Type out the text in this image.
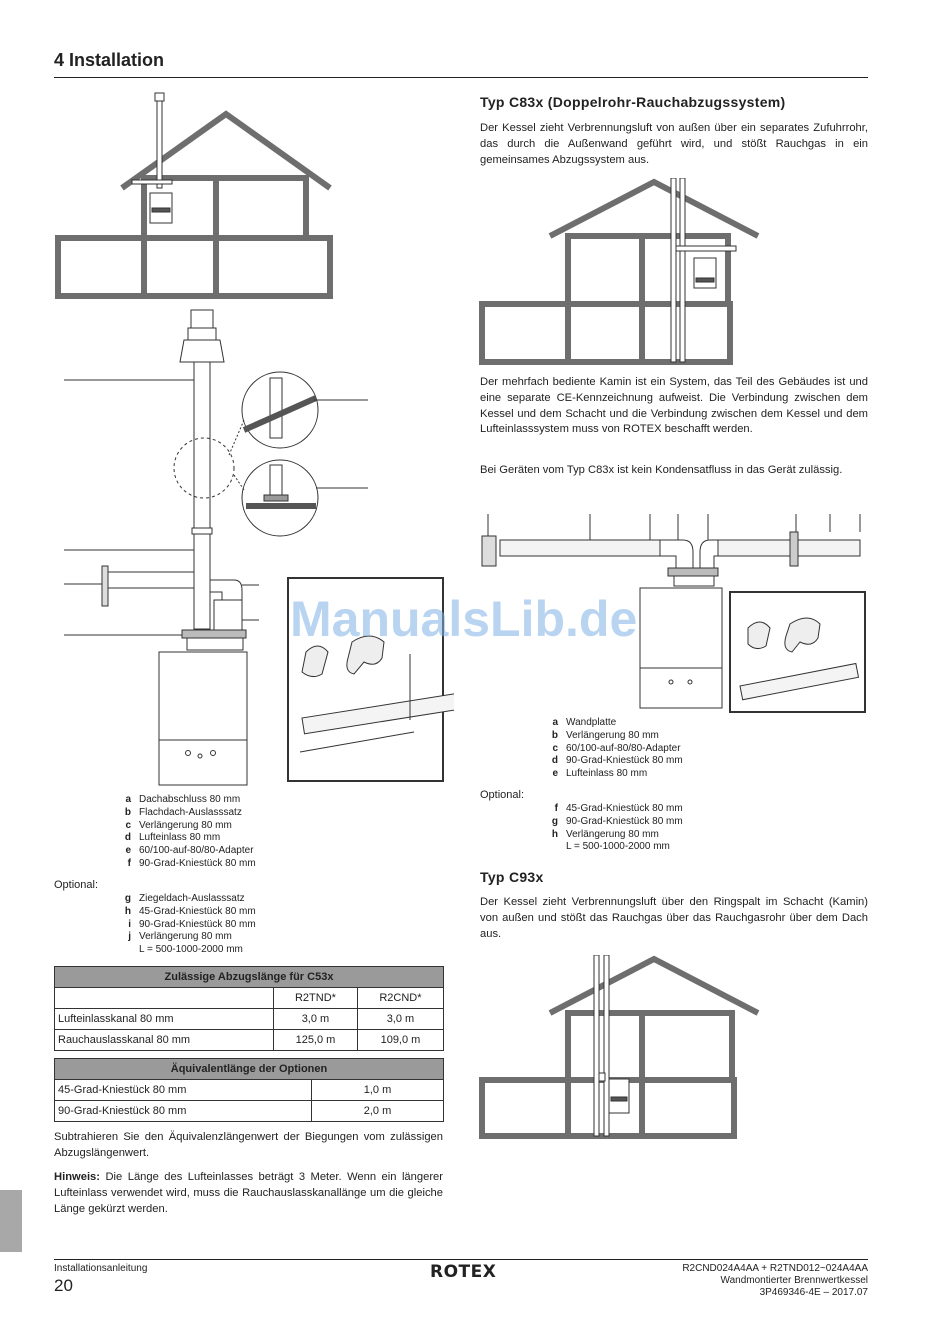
4 Installation
a Dachabschluss 80 mm
b Flachdach-Auslasssatz
c Verlängerung 80 mm
d Lufteinlass 80 mm
e 60/100-auf-80/80-Adapter
f 90-Grad-Kniestück 80 mm
Optional:
g Ziegeldach-Auslasssatz
h 45-Grad-Kniestück 80 mm
i 90-Grad-Kniestück 80 mm
j Verlängerung 80 mm
L = 500-1000-2000 mm
Zulässige Abzugslänge für C53x		
	R2TND*	R2CND*
Lufteinlasskanal 80 mm	3,0 m	3,0 m
Rauchauslasskanal 80 mm	125,0 m	109,0 m
Äquivalentlänge der Optionen	
45-Grad-Kniestück 80 mm	1,0 m
90-Grad-Kniestück 80 mm	2,0 m
Subtrahieren Sie den Äquivalenzlängenwert der Biegungen vom zulässigen Abzugslängenwert.
Hinweis: Die Länge des Lufteinlasses beträgt 3 Meter. Wenn ein längerer Lufteinlass verwendet wird, muss die Rauchauslasskanallänge um die gleiche Länge gekürzt werden.
Typ C83x (Doppelrohr-Rauchabzugssystem)
Der Kessel zieht Verbrennungsluft von außen über ein separates Zufuhrrohr, das durch die Außenwand geführt wird, und stößt Rauchgas in ein gemeinsames Abzugssystem aus.
Der mehrfach bediente Kamin ist ein System, das Teil des Gebäudes ist und eine separate CE-Kennzeichnung aufweist. Die Verbindung zwischen dem Kessel und dem Schacht und die Verbindung zwischen dem Kessel und dem Lufteinlasssystem muss von ROTEX beschafft werden.
Bei Geräten vom Typ C83x ist kein Kondensatfluss in das Gerät zulässig.
a Wandplatte
b Verlängerung 80 mm
c 60/100-auf-80/80-Adapter
d 90-Grad-Kniestück 80 mm
e Lufteinlass 80 mm
Optional:
f 45-Grad-Kniestück 80 mm
g 90-Grad-Kniestück 80 mm
h Verlängerung 80 mm
L = 500-1000-2000 mm
Typ C93x
Der Kessel zieht Verbrennungsluft über den Ringspalt im Schacht (Kamin) von außen und stößt das Rauchgas über das Rauchgasrohr über dem Dach aus.
ManualsLib.de
Installationsanleitung
20
ROTEX	R2CND024A4AA + R2TND012~024A4AA
Wandmontierter Brennwertkessel
3P469346-4E – 2017.07
